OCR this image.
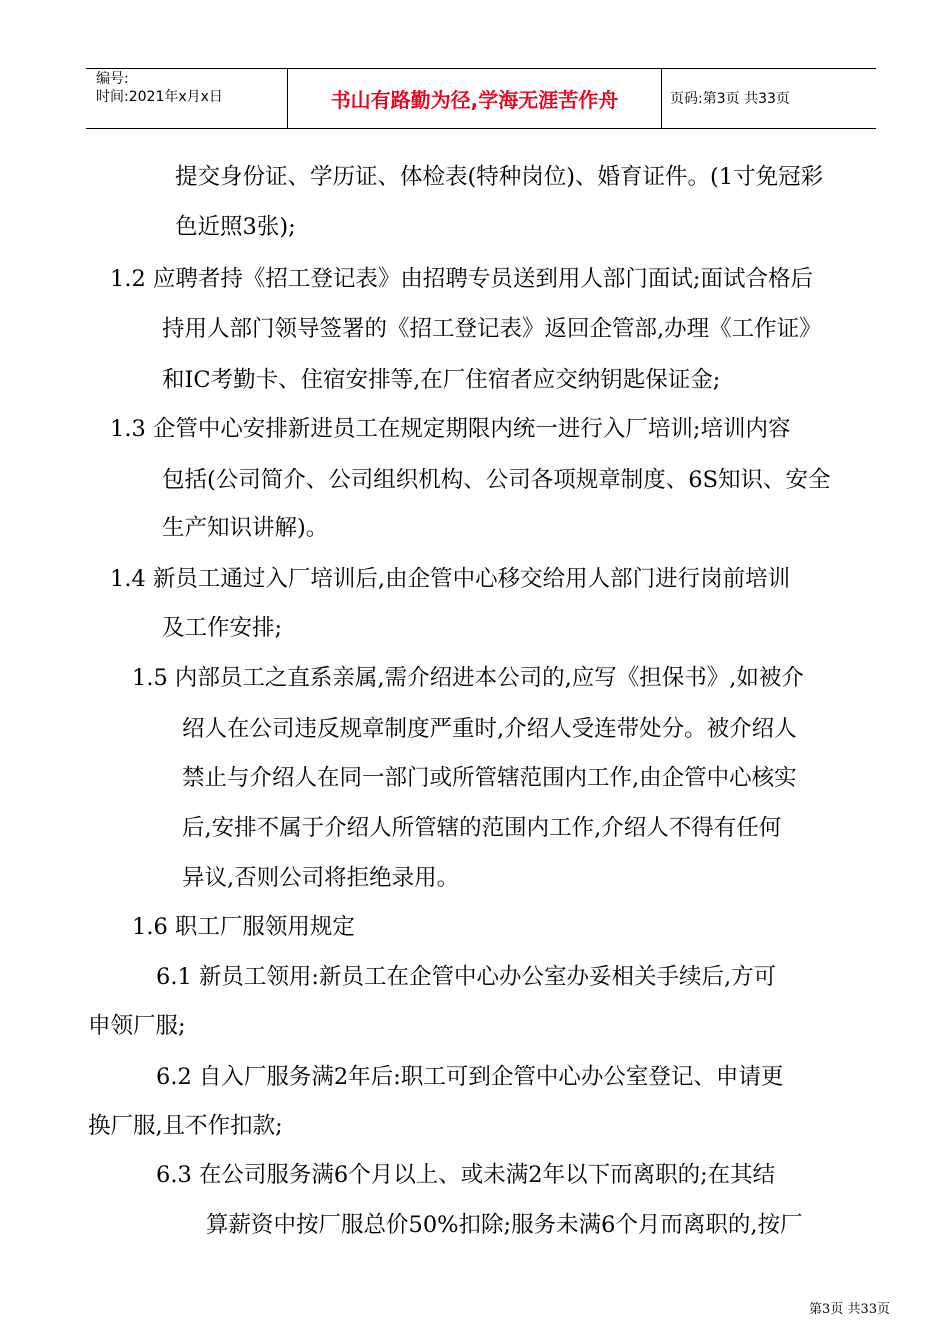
编号:
时间:2021年x月x日	书山有路勤为径,学海无涯苦作舟	页码:第3页 共33页
提交身份证、学历证、体检表(特种岗位)、婚育证件。(1寸免冠彩
色近照3张);
1.2 应聘者持《招工登记表》由招聘专员送到用人部门面试;面试合格后
持用人部门领导签署的《招工登记表》返回企管部,办理《工作证》
和IC考勤卡、住宿安排等,在厂住宿者应交纳钥匙保证金;
1.3 企管中心安排新进员工在规定期限内统一进行入厂培训;培训内容
包括(公司简介、公司组织机构、公司各项规章制度、6S知识、安全
生产知识讲解)。
1.4 新员工通过入厂培训后,由企管中心移交给用人部门进行岗前培训
及工作安排;
1.5 内部员工之直系亲属,需介绍进本公司的,应写《担保书》,如被介
绍人在公司违反规章制度严重时,介绍人受连带处分。被介绍人
禁止与介绍人在同一部门或所管辖范围内工作,由企管中心核实
后,安排不属于介绍人所管辖的范围内工作,介绍人不得有任何
异议,否则公司将拒绝录用。
1.6 职工厂服领用规定
6.1 新员工领用:新员工在企管中心办公室办妥相关手续后,方可
申领厂服;
6.2 自入厂服务满2年后:职工可到企管中心办公室登记、申请更
换厂服,且不作扣款;
6.3 在公司服务满6个月以上、或未满2年以下而离职的;在其结
算薪资中按厂服总价50%扣除;服务未满6个月而离职的,按厂
第3页 共33页
